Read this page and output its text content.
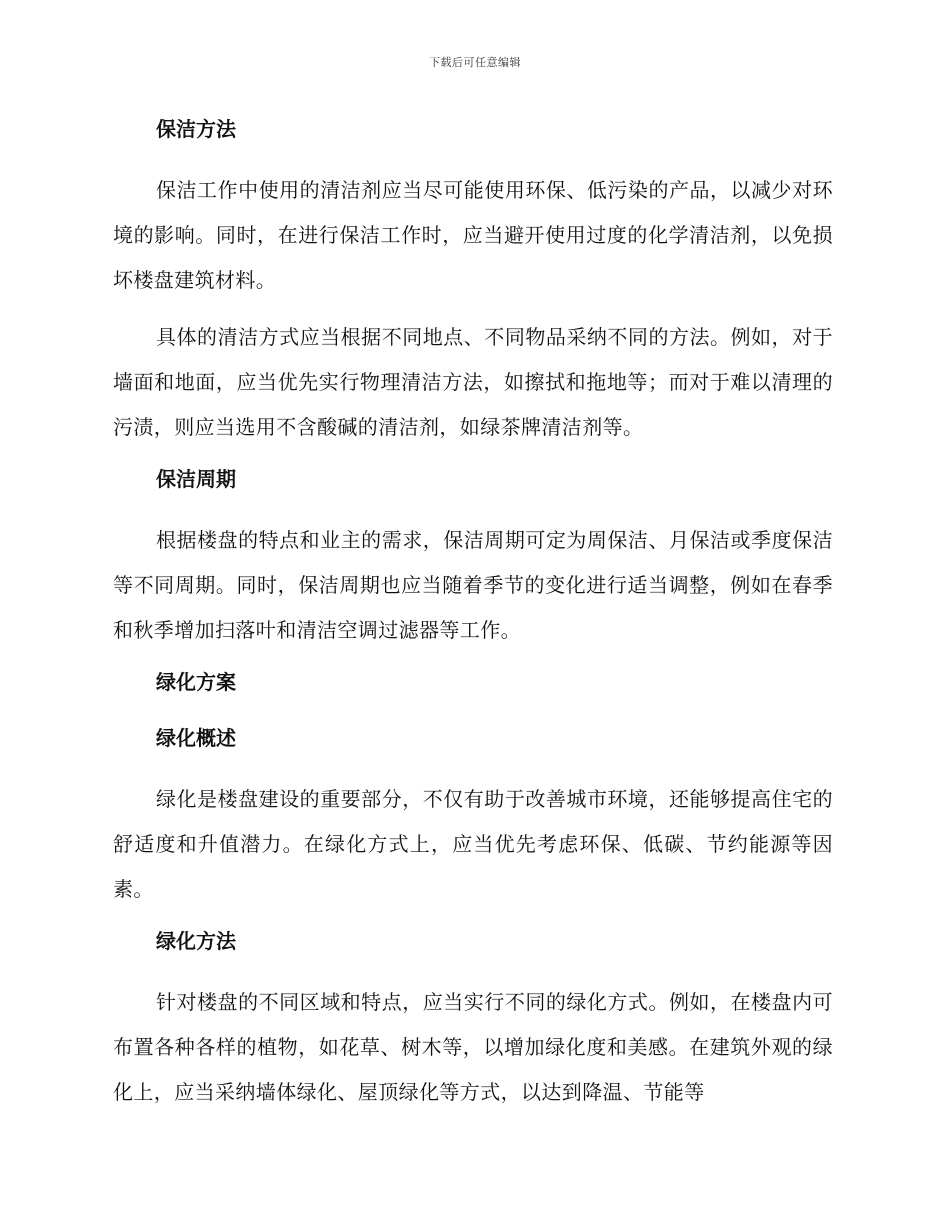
下载后可任意编辑
保洁方法

保洁工作中使用的清洁剂应当尽可能使用环保、低污染的产品，以减少对环境的影响。同时，在进行保洁工作时，应当避开使用过度的化学清洁剂，以免损坏楼盘建筑材料。

具体的清洁方式应当根据不同地点、不同物品采纳不同的方法。例如，对于墙面和地面，应当优先实行物理清洁方法，如擦拭和拖地等；而对于难以清理的污渍，则应当选用不含酸碱的清洁剂，如绿茶牌清洁剂等。

保洁周期

根据楼盘的特点和业主的需求，保洁周期可定为周保洁、月保洁或季度保洁等不同周期。同时，保洁周期也应当随着季节的变化进行适当调整，例如在春季和秋季增加扫落叶和清洁空调过滤器等工作。

绿化方案
绿化概述

绿化是楼盘建设的重要部分，不仅有助于改善城市环境，还能够提高住宅的舒适度和升值潜力。在绿化方式上，应当优先考虑环保、低碳、节约能源等因素。

绿化方法

针对楼盘的不同区域和特点，应当实行不同的绿化方式。例如，在楼盘内可布置各种各样的植物，如花草、树木等，以增加绿化度和美感。在建筑外观的绿化上，应当采纳墙体绿化、屋顶绿化等方式，以达到降温、节能等
